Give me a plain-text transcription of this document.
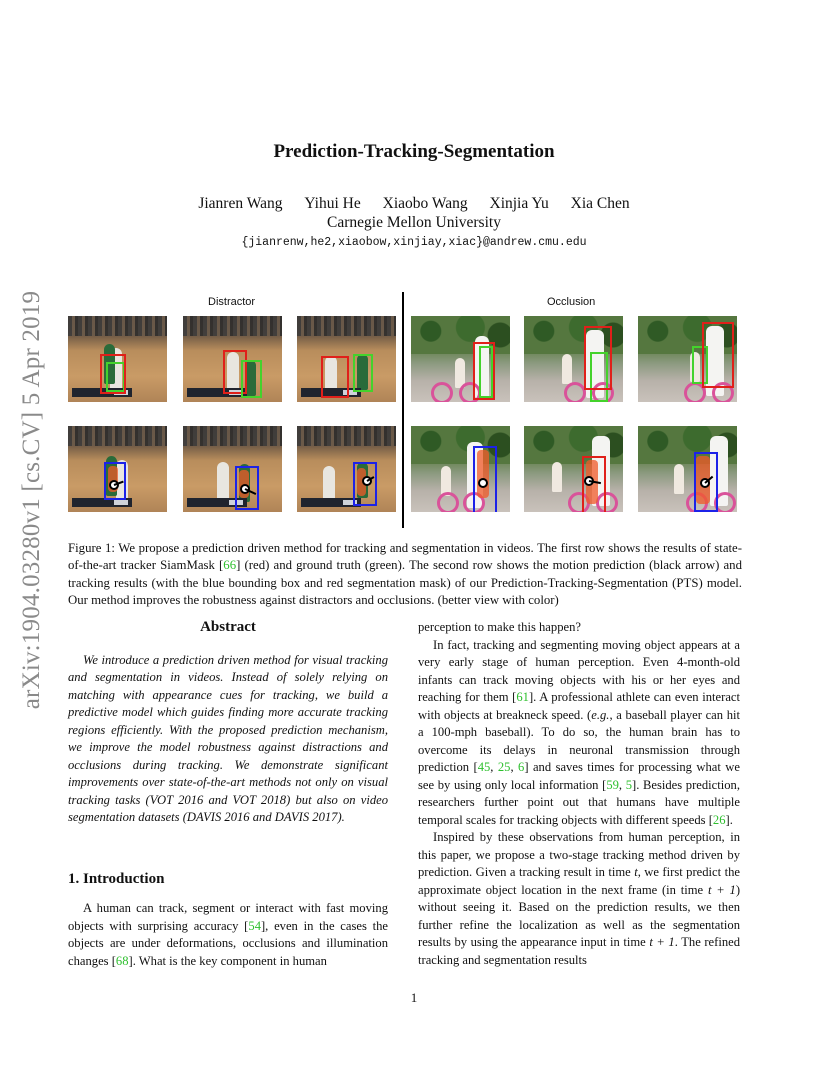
arXiv:1904.03280v1 [cs.CV] 5 Apr 2019
Prediction-Tracking-Segmentation
Jianren Wang Yihui He Xiaobo Wang Xinjia Yu Xia Chen
Carnegie Mellon University
{jianrenw,he2,xiaobow,xinjiay,xiac}@andrew.cmu.edu
Distractor	Occlusion
Figure 1: We propose a prediction driven method for tracking and segmentation in videos. The first row shows the results of state-of-the-art tracker SiamMask [66] (red) and ground truth (green). The second row shows the motion prediction (black arrow) and tracking results (with the blue bounding box and red segmentation mask) of our Prediction-Tracking-Segmentation (PTS) model. Our method improves the robustness against distractors and occlusions. (better view with color)

Abstract

We introduce a prediction driven method for visual tracking and segmentation in videos. Instead of solely relying on matching with appearance cues for tracking, we build a predictive model which guides finding more accurate tracking regions efficiently. With the proposed prediction mechanism, we improve the model robustness against distractions and occlusions during tracking. We demonstrate significant improvements over state-of-the-art methods not only on visual tracking tasks (VOT 2016 and VOT 2018) but also on video segmentation datasets (DAVIS 2016 and DAVIS 2017).

1. Introduction

A human can track, segment or interact with fast moving objects with surprising accuracy [54], even in the cases the objects are under deformations, occlusions and illumination changes [68]. What is the key component in human

perception to make this happen?

In fact, tracking and segmenting moving object appears at a very early stage of human perception. Even 4-month-old infants can track moving objects with his or her eyes and reaching for them [61]. A professional athlete can even interact with objects at breakneck speed. (e.g., a baseball player can hit a 100-mph baseball). To do so, the human brain has to overcome its delays in neuronal transmission through prediction [45, 25, 6] and saves times for processing what we see by using only local information [59, 5]. Besides prediction, researchers further point out that humans have multiple temporal scales for tracking objects with different speeds [26].

Inspired by these observations from human perception, in this paper, we propose a two-stage tracking method driven by prediction. Given a tracking result in time t, we first predict the approximate object location in the next frame (in time t + 1) without seeing it. Based on the prediction results, we then further refine the localization as well as the segmentation results by using the appearance input in time t + 1. The refined tracking and segmentation results

1
